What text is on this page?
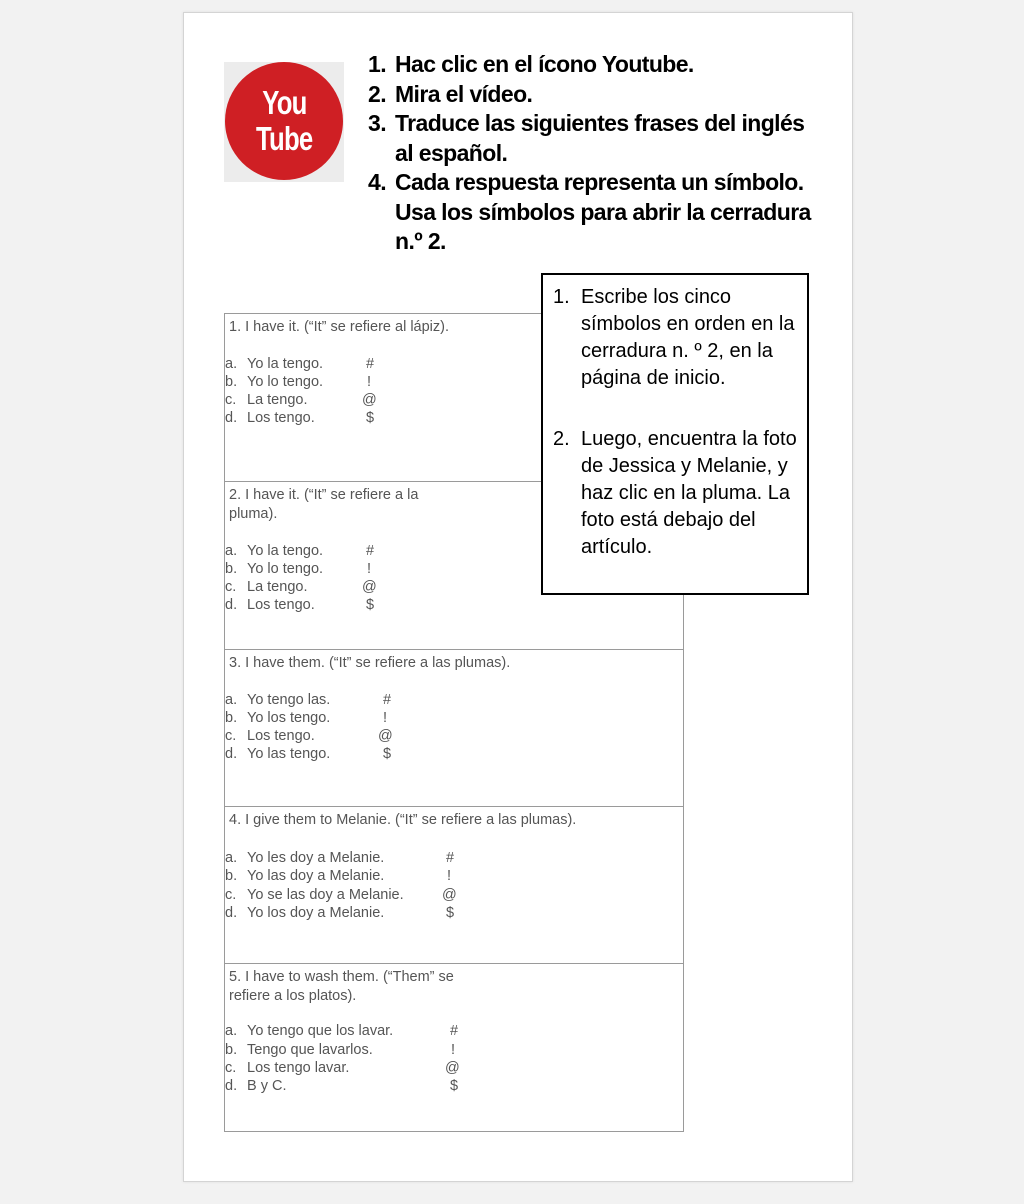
You
Tube
1. Hac clic en el ícono Youtube.
2. Mira el vídeo.
3. Traduce las siguientes frases del inglés al español.
4. Cada respuesta representa un símbolo. Usa los símbolos para abrir la cerradura n.º 2.
1. I have it. (“It” se refiere al lápiz).
a. Yo la tengo.
b. Yo lo tengo.
c. La tengo.
d. Los tengo.
#
!
@
$
2. I have it. (“It” se refiere a la pluma).
a. Yo la tengo.
b. Yo lo tengo.
c. La tengo.
d. Los tengo.
#
!
@
$
3. I have them. (“It” se refiere a las plumas).
a. Yo tengo las.
b. Yo los tengo.
c. Los tengo.
d. Yo las tengo.
#
!
@
$
4. I give them to Melanie. (“It” se refiere a las plumas).
a. Yo les doy a Melanie.
b. Yo las doy a Melanie.
c. Yo se las doy a Melanie.
d. Yo los doy a Melanie.
#
!
@
$
5. I have to wash them. (“Them” se refiere a los platos).
a. Yo tengo que los lavar.
b. Tengo que lavarlos.
c. Los tengo lavar.
d. B y C.
#
!
@
$
1. Escribe los cinco símbolos en orden en la cerradura n. º 2, en la página de inicio.
2. Luego, encuentra la foto de Jessica y Melanie, y haz clic en la pluma. La foto está debajo del artículo.
